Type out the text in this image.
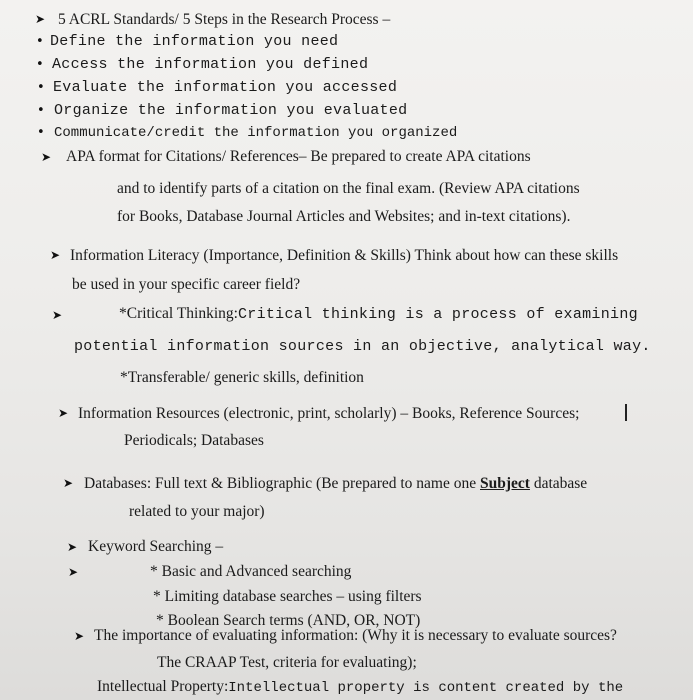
➤ 5 ACRL Standards/ 5 Steps in the Research Process –
• Define the information you need
• Access the information you defined
• Evaluate the information you accessed
• Organize the information you evaluated
• Communicate/credit the information you organized
➤ APA format for Citations/ References– Be prepared to create APA citations
and to identify parts of a citation on the final exam. (Review APA citations
for Books, Database Journal Articles and Websites; and in-text citations).
➤ Information Literacy (Importance, Definition & Skills) Think about how can these skills
be used in your specific career field?
➤	*Critical Thinking:Critical thinking is a process of examining
potential information sources in an objective, analytical way.
*Transferable/ generic skills, definition
➤ Information Resources (electronic, print, scholarly) – Books, Reference Sources;
Periodicals; Databases
➤ Databases: Full text & Bibliographic (Be prepared to name one Subject database
related to your major)
➤ Keyword Searching –
➤	* Basic and Advanced searching
* Limiting database searches – using filters
* Boolean Search terms (AND, OR, NOT)
➤ The importance of evaluating information: (Why it is necessary to evaluate sources?
The CRAAP Test, criteria for evaluating);
Intellectual Property:Intellectual property is content created by the
